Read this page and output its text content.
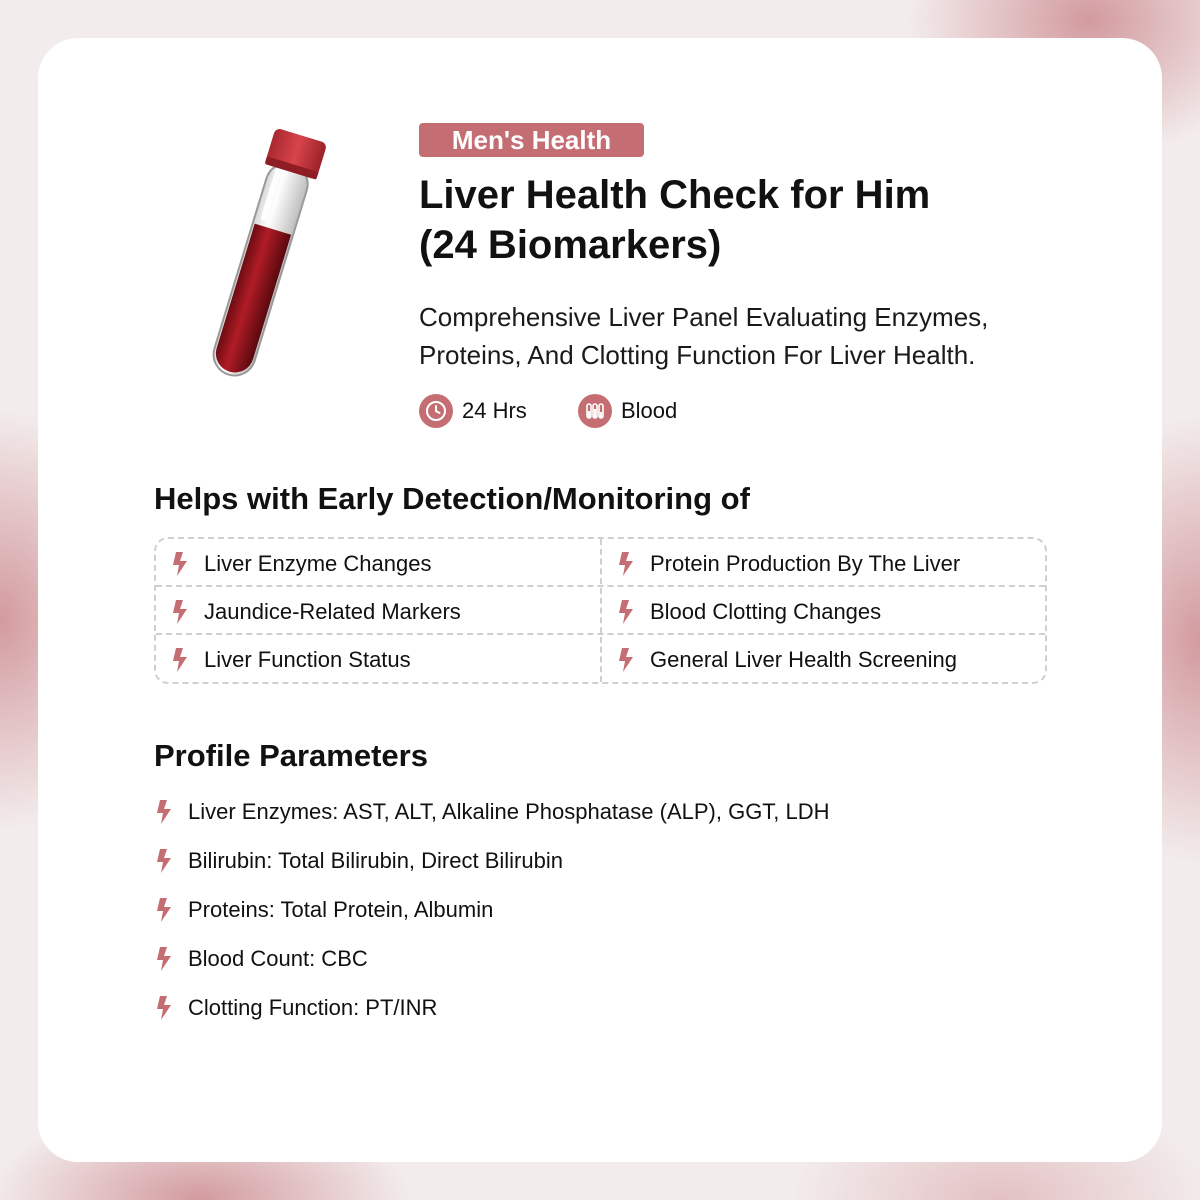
Men's Health
Liver Health Check for Him
(24 Biomarkers)
Comprehensive Liver Panel Evaluating Enzymes,
Proteins, And Clotting Function For Liver Health.
24 Hrs	Blood
Helps with Early Detection/Monitoring of
Liver Enzyme Changes	Protein Production By The Liver
Jaundice-Related Markers	Blood Clotting Changes
Liver Function Status	General Liver Health Screening
Profile Parameters
Liver Enzymes: AST, ALT, Alkaline Phosphatase (ALP), GGT, LDH
Bilirubin: Total Bilirubin, Direct Bilirubin
Proteins: Total Protein, Albumin
Blood Count: CBC
Clotting Function: PT/INR
